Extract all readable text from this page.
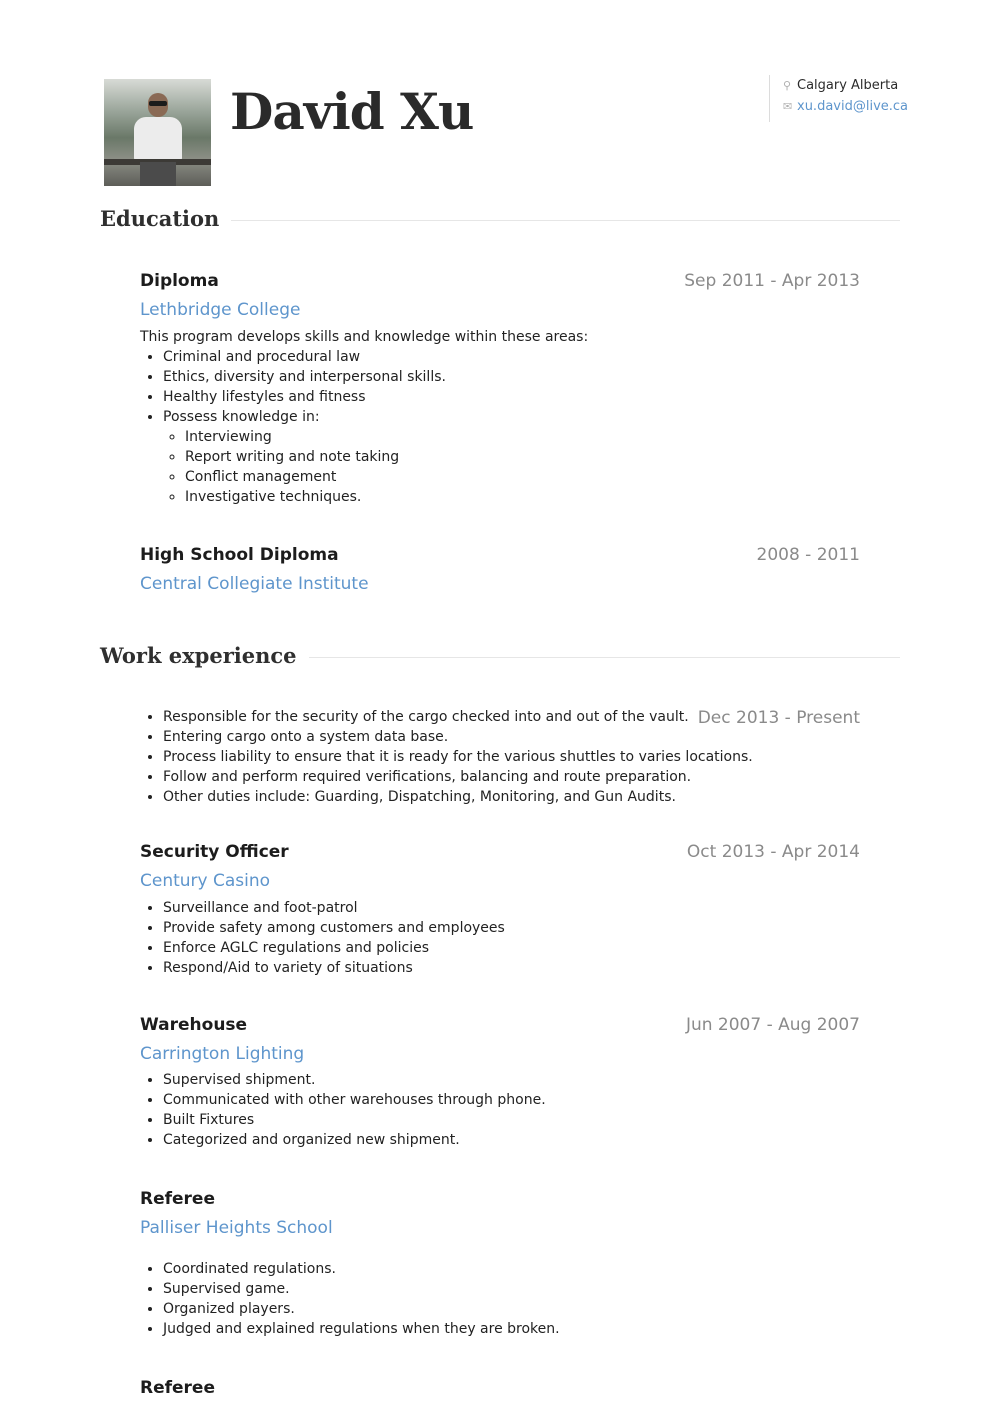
David Xu	⚲ Calgary Alberta
✉ xu.david@live.ca
Education
Diploma	Sep 2011 - Apr 2013
Lethbridge College
This program develops skills and knowledge within these areas:
• Criminal and procedural law
• Ethics, diversity and interpersonal skills.
• Healthy lifestyles and fitness
• Possess knowledge in:
◦ Interviewing
◦ Report writing and note taking
◦ Conflict management
◦ Investigative techniques.
High School Diploma	2008 - 2011
Central Collegiate Institute
Work experience
Dec 2013 - Present
• Responsible for the security of the cargo checked into and out of the vault.
• Entering cargo onto a system data base.
• Process liability to ensure that it is ready for the various shuttles to varies locations.
• Follow and perform required verifications, balancing and route preparation.
• Other duties include: Guarding, Dispatching, Monitoring, and Gun Audits.
Security Officer	Oct 2013 - Apr 2014
Century Casino
• Surveillance and foot-patrol
• Provide safety among customers and employees
• Enforce AGLC regulations and policies
• Respond/Aid to variety of situations
Warehouse	Jun 2007 - Aug 2007
Carrington Lighting
• Supervised shipment.
• Communicated with other warehouses through phone.
• Built Fixtures
• Categorized and organized new shipment.
Referee
Palliser Heights School
• Coordinated regulations.
• Supervised game.
• Organized players.
• Judged and explained regulations when they are broken.
Referee
